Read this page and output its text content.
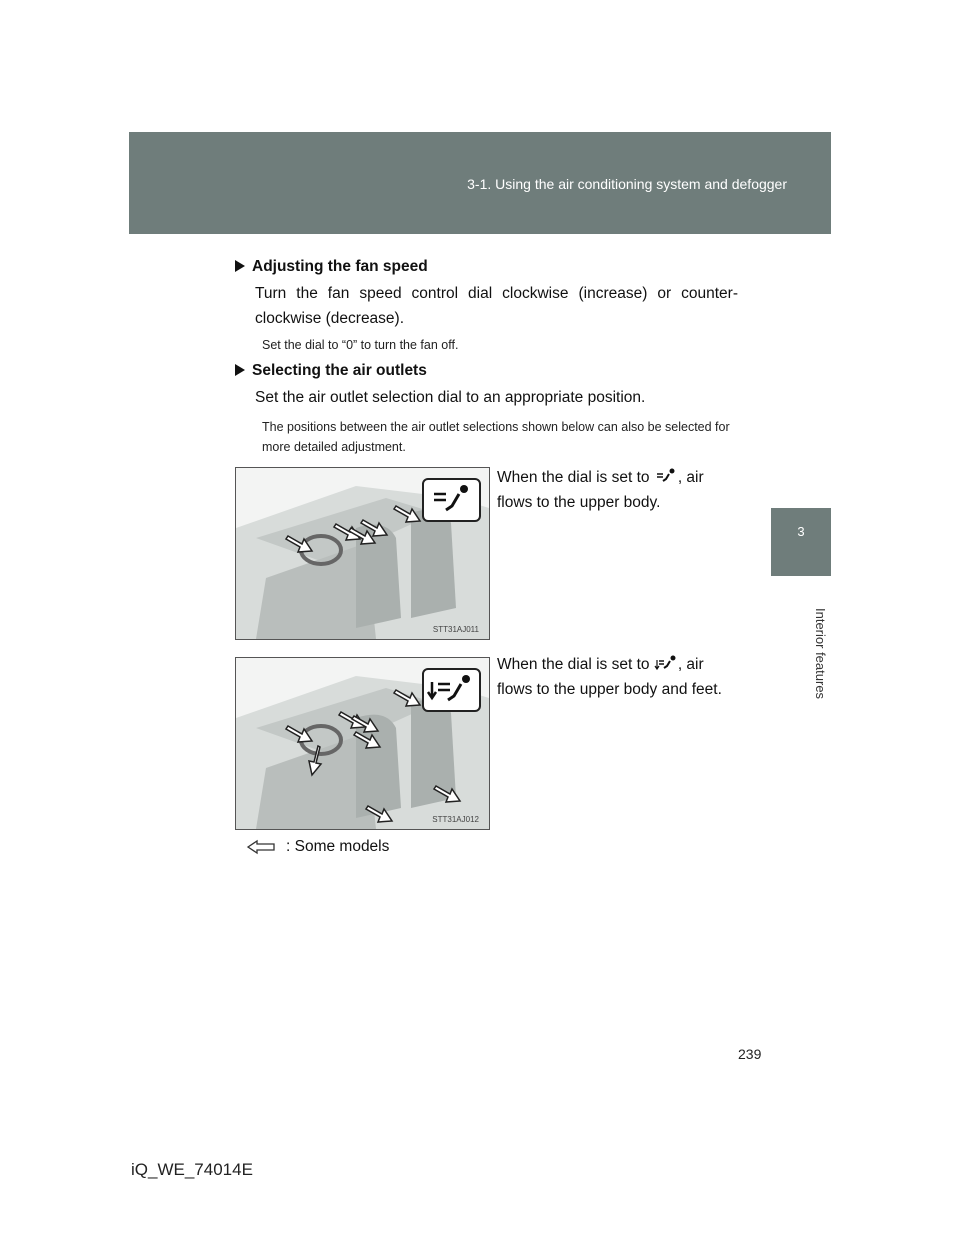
3-1. Using the air conditioning system and defogger
3
Interior features
Adjusting the fan speed
Turn the fan speed control dial clockwise (increase) or counter-clockwise (decrease).
Set the dial to “0” to turn the fan off.
Selecting the air outlets
Set the air outlet selection dial to an appropriate position.
The positions between the air outlet selections shown below can also be selected for more detailed adjustment.
STT31AJ011
When the dial is set to , air flows to the upper body.
STT31AJ012
When the dial is set to , air flows to the upper body and feet.
: Some models
239
iQ_WE_74014E
